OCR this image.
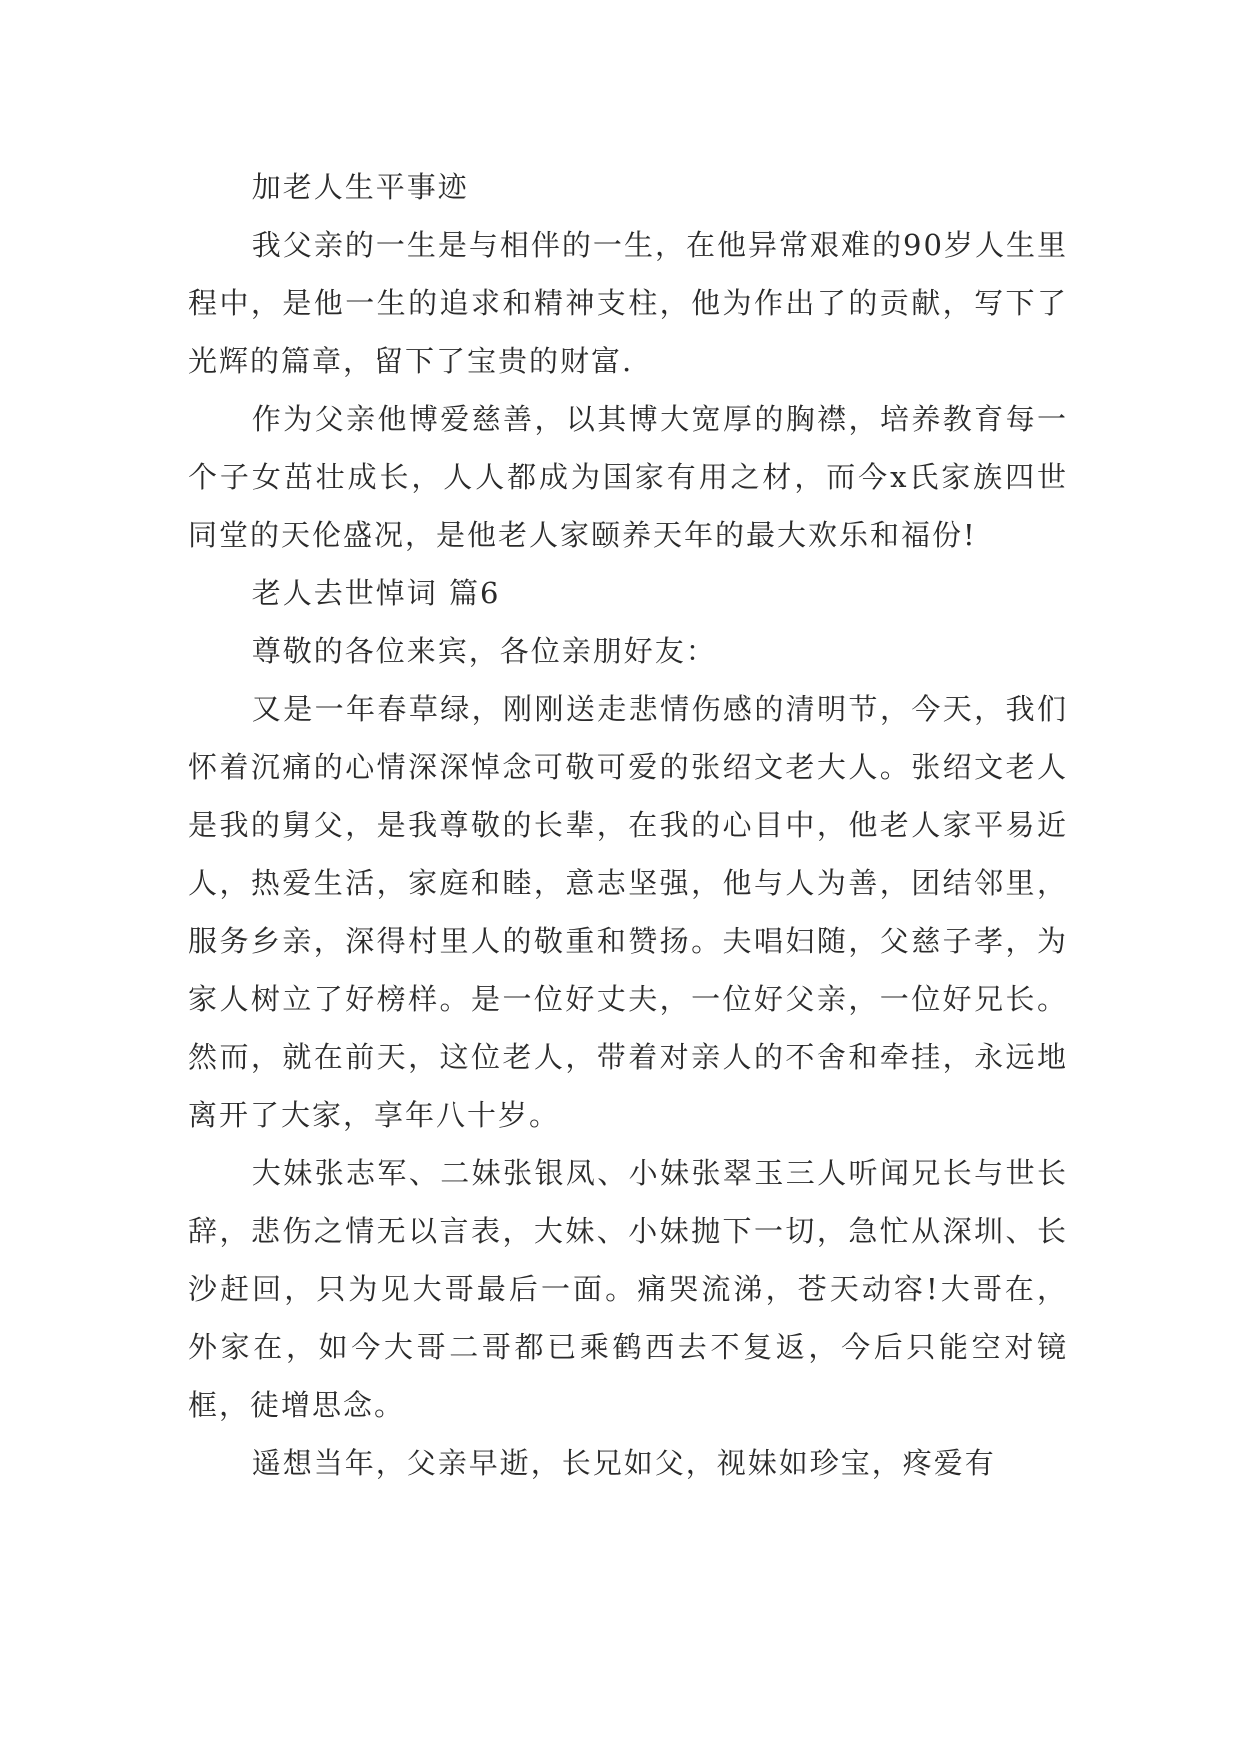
加老人生平事迹

我父亲的一生是与相伴的一生，在他异常艰难的90岁人生里程中，是他一生的追求和精神支柱，他为作出了的贡献，写下了光辉的篇章，留下了宝贵的财富.

作为父亲他博爱慈善，以其博大宽厚的胸襟，培养教育每一个子女茁壮成长，人人都成为国家有用之材，而今x氏家族四世同堂的天伦盛况，是他老人家颐养天年的最大欢乐和福份!

老人去世悼词 篇6

尊敬的各位来宾，各位亲朋好友：

又是一年春草绿，刚刚送走悲情伤感的清明节，今天，我们怀着沉痛的心情深深悼念可敬可爱的张绍文老大人。张绍文老人是我的舅父，是我尊敬的长辈，在我的心目中，他老人家平易近人，热爱生活，家庭和睦，意志坚强，他与人为善，团结邻里，服务乡亲，深得村里人的敬重和赞扬。夫唱妇随，父慈子孝，为家人树立了好榜样。是一位好丈夫，一位好父亲，一位好兄长。然而，就在前天，这位老人，带着对亲人的不舍和牵挂，永远地离开了大家，享年八十岁。

大妹张志军、二妹张银凤、小妹张翠玉三人听闻兄长与世长辞，悲伤之情无以言表，大妹、小妹抛下一切，急忙从深圳、长沙赶回，只为见大哥最后一面。痛哭流涕，苍天动容!大哥在，外家在，如今大哥二哥都已乘鹤西去不复返，今后只能空对镜框，徒增思念。

遥想当年，父亲早逝，长兄如父，视妹如珍宝，疼爱有
